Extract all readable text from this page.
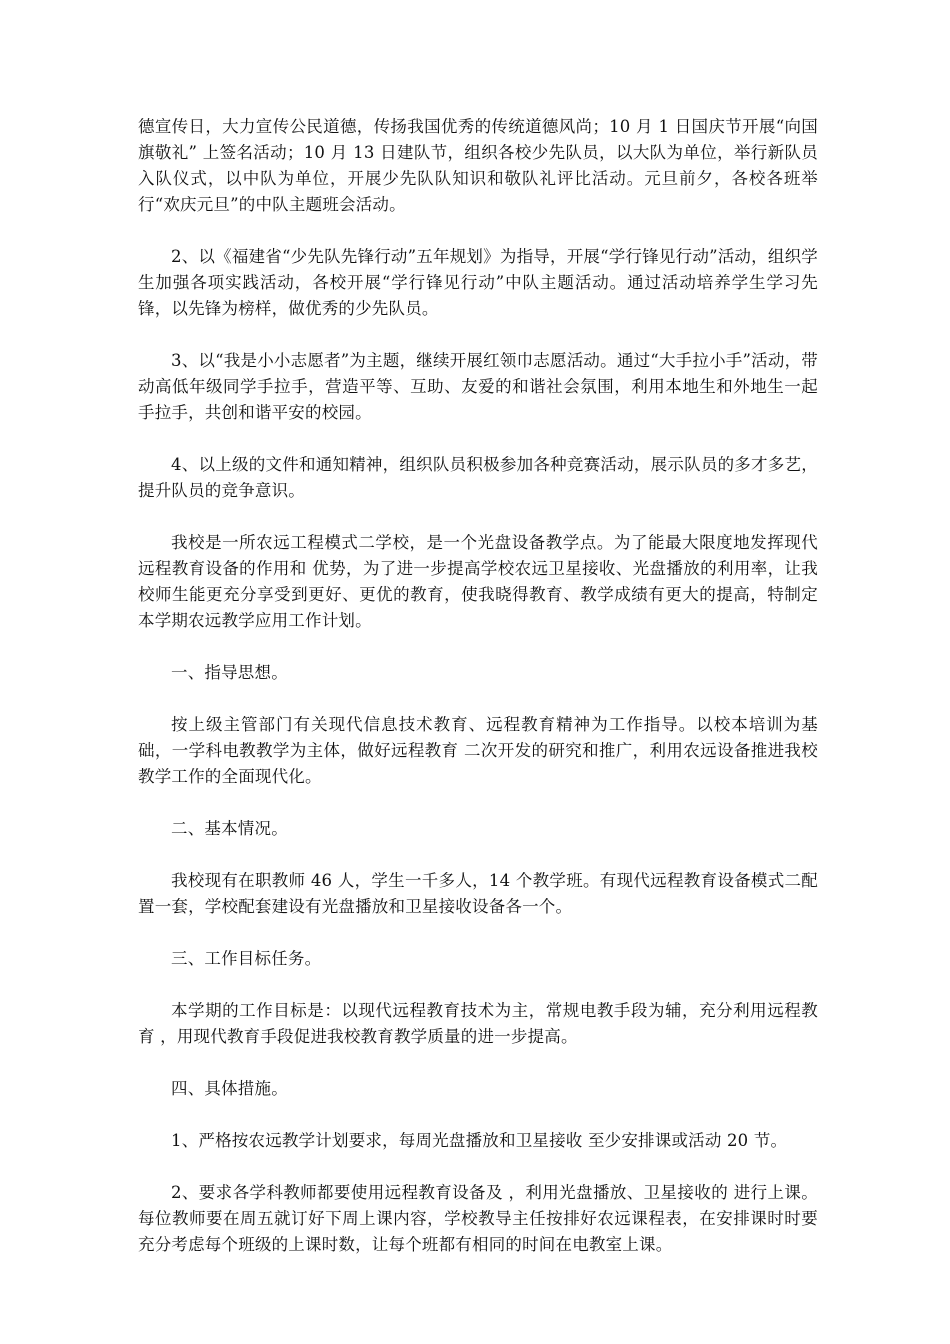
德宣传日，大力宣传公民道德，传扬我国优秀的传统道德风尚；10 月 1 日国庆节开展“向国旗敬礼” 上签名活动；10 月 13 日建队节，组织各校少先队员，以大队为单位，举行新队员入队仪式，以中队为单位，开展少先队队知识和敬队礼评比活动。元旦前夕，各校各班举行“欢庆元旦”的中队主题班会活动。

2、以《福建省“少先队先锋行动”五年规划》为指导，开展“学行锋见行动”活动，组织学生加强各项实践活动，各校开展“学行锋见行动”中队主题活动。通过活动培养学生学习先锋，以先锋为榜样，做优秀的少先队员。

3、以“我是小小志愿者”为主题，继续开展红领巾志愿活动。通过“大手拉小手”活动，带动高低年级同学手拉手，营造平等、互助、友爱的和谐社会氛围，利用本地生和外地生一起手拉手，共创和谐平安的校园。

4、以上级的文件和通知精神，组织队员积极参加各种竞赛活动，展示队员的多才多艺，提升队员的竞争意识。

我校是一所农远工程模式二学校，是一个光盘设备教学点。为了能最大限度地发挥现代远程教育设备的作用和 优势，为了进一步提高学校农远卫星接收、光盘播放的利用率，让我校师生能更充分享受到更好、更优的教育，使我晓得教育、教学成绩有更大的提高，特制定本学期农远教学应用工作计划。

一、指导思想。

按上级主管部门有关现代信息技术教育、远程教育精神为工作指导。以校本培训为基础，一学科电教教学为主体，做好远程教育 二次开发的研究和推广，利用农远设备推进我校教学工作的全面现代化。

二、基本情况。

我校现有在职教师 46 人，学生一千多人，14 个教学班。有现代远程教育设备模式二配置一套，学校配套建设有光盘播放和卫星接收设备各一个。

三、工作目标任务。

本学期的工作目标是：以现代远程教育技术为主，常规电教手段为辅，充分利用远程教育 ，用现代教育手段促进我校教育教学质量的进一步提高。

四、具体措施。

1、严格按农远教学计划要求，每周光盘播放和卫星接收 至少安排课或活动 20 节。

2、要求各学科教师都要使用远程教育设备及 ，利用光盘播放、卫星接收的 进行上课。每位教师要在周五就订好下周上课内容，学校教导主任按排好农远课程表，在安排课时时要充分考虑每个班级的上课时数，让每个班都有相同的时间在电教室上课。
